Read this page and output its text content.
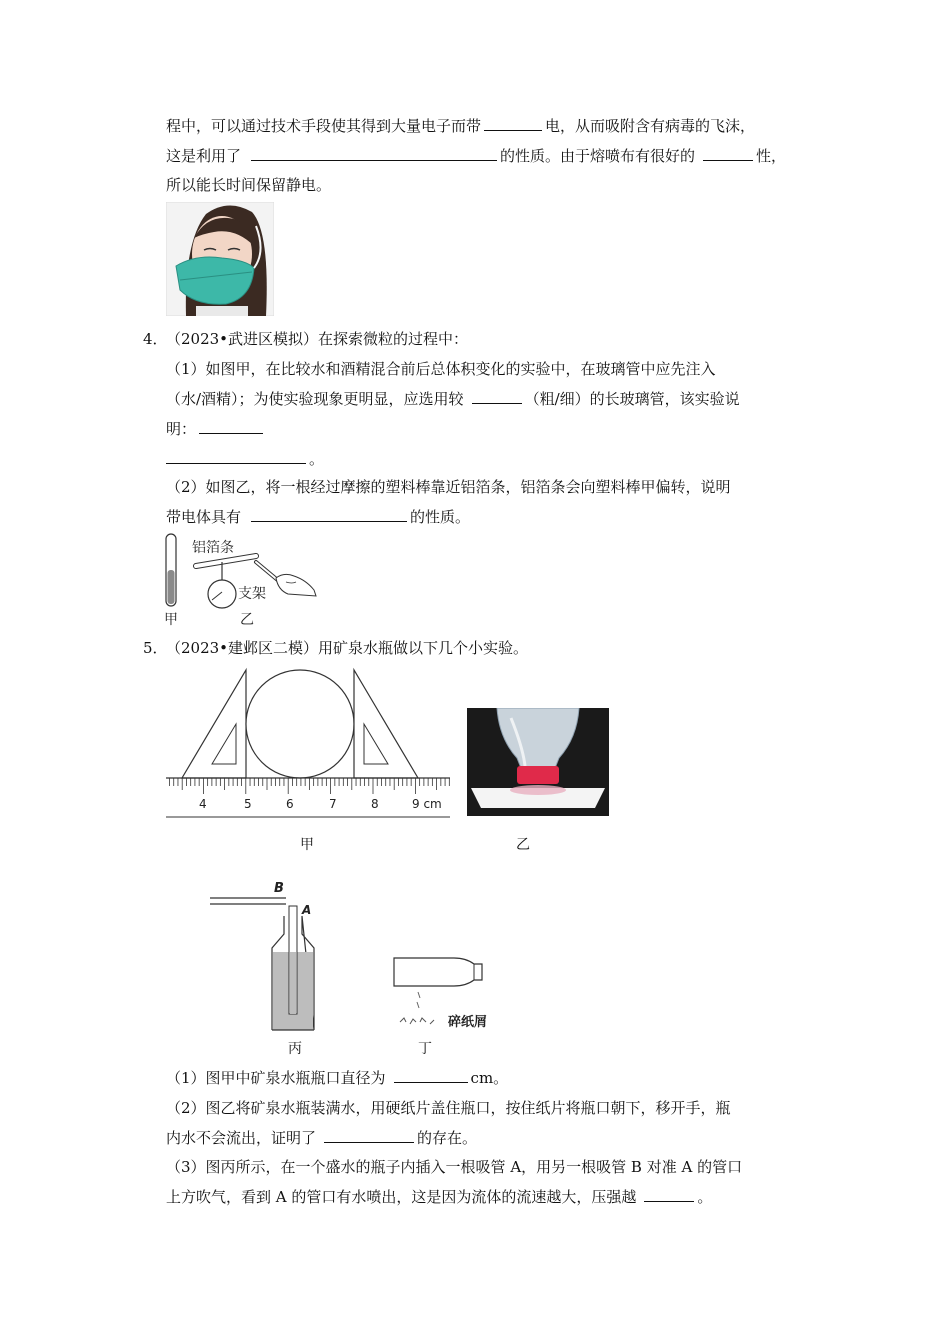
程中，可以通过技术手段使其得到大量电子而带	电，从而吸附含有病毒的飞沫，
这是利用了	的性质。由于熔喷布有很好的	性，
所以能长时间保留静电。
4．
（2023•武进区模拟）在探索微粒的过程中：
（1）如图甲，在比较水和酒精混合前后总体积变化的实验中，在玻璃管中应先注入
（水/酒精）；为使实验现象更明显，应选用较	（粗/细）的长玻璃管，该实验说
明：
。
（2）如图乙，将一根经过摩擦的塑料棒靠近铝箔条，铝箔条会向塑料棒甲偏转，说明
带电体具有	的性质。
甲
铝箔条
支架
乙
5．
（2023•建邺区二模）用矿泉水瓶做以下几个小实验。
4	5	6	7	8	9 cm
甲	乙
B
A
碎纸屑
丙	丁
（1）图甲中矿泉水瓶瓶口直径为	cm。
（2）图乙将矿泉水瓶装满水，用硬纸片盖住瓶口，按住纸片将瓶口朝下，移开手，瓶
内水不会流出，证明了	的存在。
（3）图丙所示，在一个盛水的瓶子内插入一根吸管 A，用另一根吸管 B 对准 A 的管口
上方吹气，看到 A 的管口有水喷出，这是因为流体的流速越大，压强越	。
